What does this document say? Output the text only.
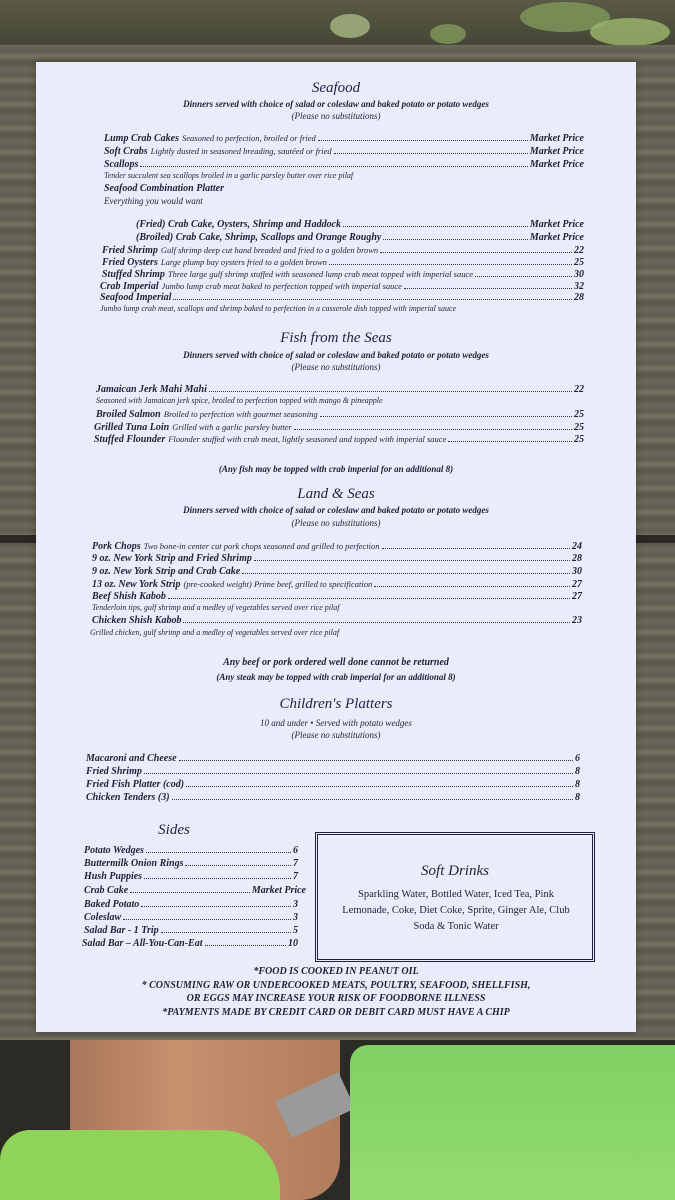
Seafood
Dinners served with choice of salad or coleslaw and baked potato or potato wedges
(Please no substitutions)
Lump Crab Cakes Seasoned to perfection, broiled or fried	Market Price
Soft Crabs Lightly dusted in seasoned breading, sautéed or fried	Market Price
Scallops	Market Price
Tender succulent sea scallops broiled in a garlic parsley butter over rice pilaf
Seafood Combination Platter
Everything you would want
(Fried) Crab Cake, Oysters, Shrimp and Haddock	Market Price
(Broiled) Crab Cake, Shrimp, Scallops and Orange Roughy	Market Price
Fried Shrimp Gulf shrimp deep cut hand breaded and fried to a golden brown	22
Fried Oysters Large plump bay oysters fried to a golden brown	25
Stuffed Shrimp Three large gulf shrimp stuffed with seasoned lump crab meat topped with imperial sauce	30
Crab Imperial Jumbo lump crab meat baked to perfection topped with imperial sauce	32
Seafood Imperial	28
Jumbo lump crab meat, scallops and shrimp baked to perfection in a casserole dish topped with imperial sauce
Fish from the Seas
Dinners served with choice of salad or coleslaw and baked potato or potato wedges
(Please no substitutions)
Jamaican Jerk Mahi Mahi	22
Seasoned with Jamaican jerk spice, broiled to perfection topped with mango & pineapple
Broiled Salmon Broiled to perfection with gourmet seasoning	25
Grilled Tuna Loin Grilled with a garlic parsley butter	25
Stuffed Flounder Flounder stuffed with crab meat, lightly seasoned and topped with imperial sauce	25
(Any fish may be topped with crab imperial for an additional 8)
Land & Seas
Dinners served with choice of salad or coleslaw and baked potato or potato wedges
(Please no substitutions)
Pork Chops Two bone-in center cut pork chops seasoned and grilled to perfection	24
9 oz. New York Strip and Fried Shrimp	28
9 oz. New York Strip and Crab Cake	30
13 oz. New York Strip (pre-cooked weight) Prime beef, grilled to specification	27
Beef Shish Kabob	27
Tenderloin tips, gulf shrimp and a medley of vegetables served over rice pilaf
Chicken Shish Kabob	23
Grilled chicken, gulf shrimp and a medley of vegetables served over rice pilaf
Any beef or pork ordered well done cannot be returned
(Any steak may be topped with crab imperial for an additional 8)
Children's Platters
10 and under • Served with potato wedges
(Please no substitutions)
Macaroni and Cheese	6
Fried Shrimp	8
Fried Fish Platter (cod)	8
Chicken Tenders (3)	8
Sides
Potato Wedges	6
Buttermilk Onion Rings	7
Hush Puppies	7
Crab Cake	Market Price
Baked Potato	3
Coleslaw	3
Salad Bar - 1 Trip	5
Salad Bar – All-You-Can-Eat	10
Soft Drinks
Sparkling Water, Bottled Water, Iced Tea, Pink Lemonade, Coke, Diet Coke, Sprite, Ginger Ale, Club Soda & Tonic Water
*FOOD IS COOKED IN PEANUT OIL
* CONSUMING RAW OR UNDERCOOKED MEATS, POULTRY, SEAFOOD, SHELLFISH,
OR EGGS MAY INCREASE YOUR RISK OF FOODBORNE ILLNESS
*PAYMENTS MADE BY CREDIT CARD OR DEBIT CARD MUST HAVE A CHIP
